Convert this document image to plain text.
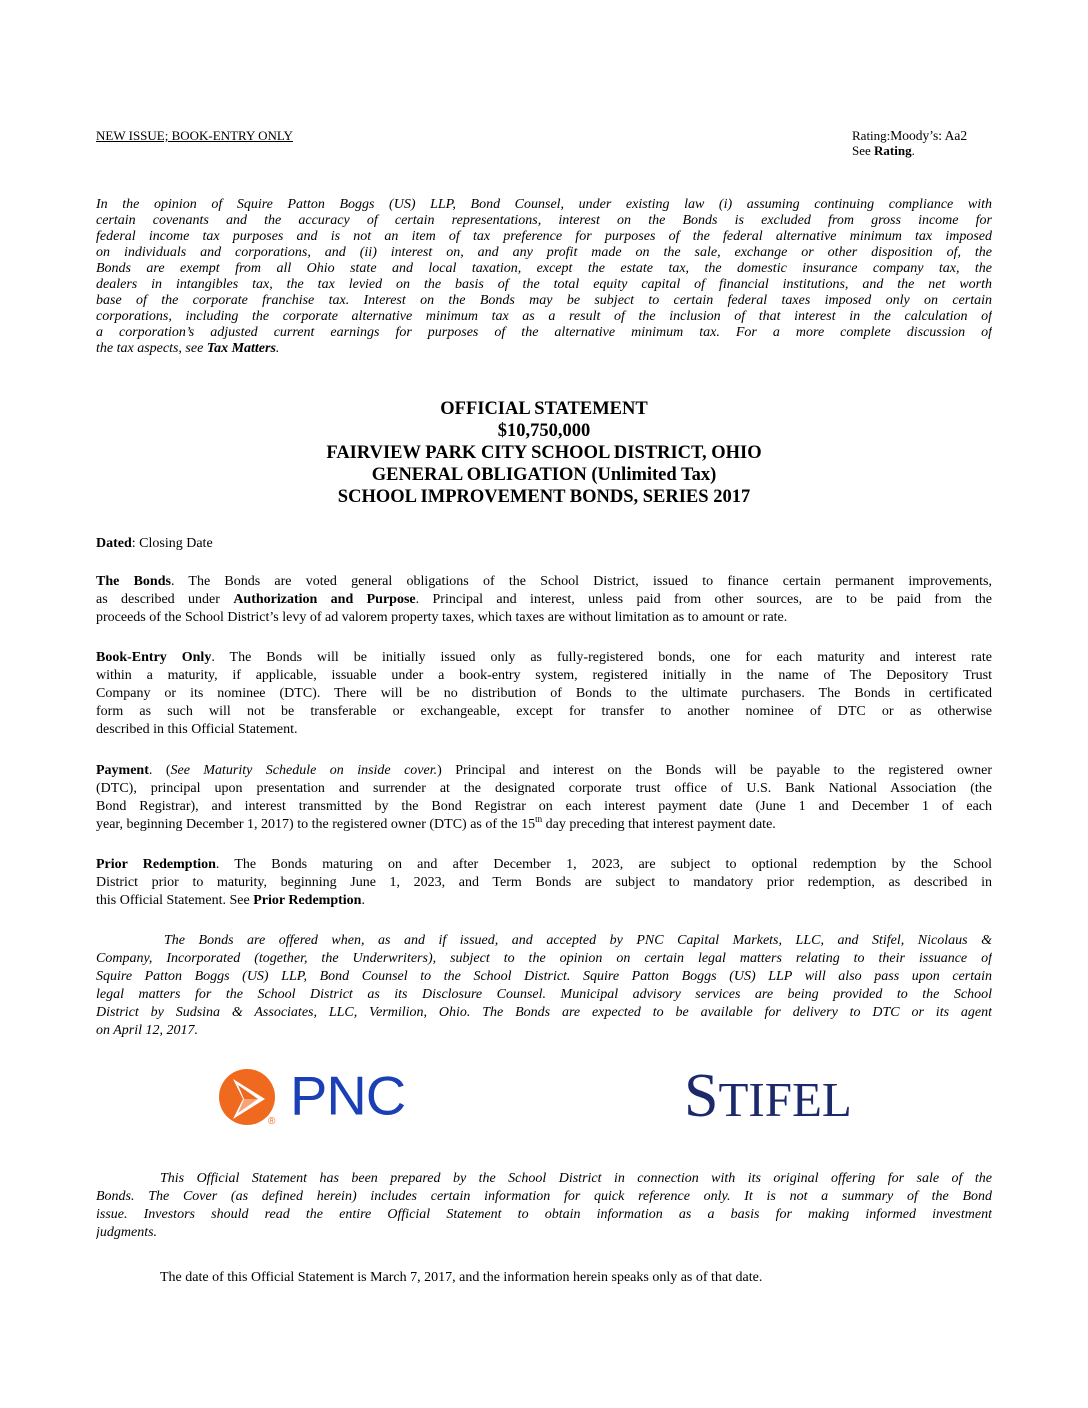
NEW ISSUE; BOOK-ENTRY ONLY	Rating:Moody’s: Aa2
See Rating.
In the opinion of Squire Patton Boggs (US) LLP, Bond Counsel, under existing law (i) assuming continuing compliance with
certain covenants and the accuracy of certain representations, interest on the Bonds is excluded from gross income for
federal income tax purposes and is not an item of tax preference for purposes of the federal alternative minimum tax imposed
on individuals and corporations, and (ii) interest on, and any profit made on the sale, exchange or other disposition of, the
Bonds are exempt from all Ohio state and local taxation, except the estate tax, the domestic insurance company tax, the
dealers in intangibles tax, the tax levied on the basis of the total equity capital of financial institutions, and the net worth
base of the corporate franchise tax. Interest on the Bonds may be subject to certain federal taxes imposed only on certain
corporations, including the corporate alternative minimum tax as a result of the inclusion of that interest in the calculation of
a corporation’s adjusted current earnings for purposes of the alternative minimum tax. For a more complete discussion of
the tax aspects, see Tax Matters.
OFFICIAL STATEMENT
$10,750,000
FAIRVIEW PARK CITY SCHOOL DISTRICT, OHIO
GENERAL OBLIGATION (Unlimited Tax)
SCHOOL IMPROVEMENT BONDS, SERIES 2017
Dated: Closing Date
The Bonds. The Bonds are voted general obligations of the School District, issued to finance certain permanent improvements,
as described under Authorization and Purpose. Principal and interest, unless paid from other sources, are to be paid from the
proceeds of the School District’s levy of ad valorem property taxes, which taxes are without limitation as to amount or rate.
Book-Entry Only. The Bonds will be initially issued only as fully-registered bonds, one for each maturity and interest rate
within a maturity, if applicable, issuable under a book-entry system, registered initially in the name of The Depository Trust
Company or its nominee (DTC). There will be no distribution of Bonds to the ultimate purchasers. The Bonds in certificated
form as such will not be transferable or exchangeable, except for transfer to another nominee of DTC or as otherwise
described in this Official Statement.
Payment. (See Maturity Schedule on inside cover.) Principal and interest on the Bonds will be payable to the registered owner
(DTC), principal upon presentation and surrender at the designated corporate trust office of U.S. Bank National Association (the
Bond Registrar), and interest transmitted by the Bond Registrar on each interest payment date (June 1 and December 1 of each
year, beginning December 1, 2017) to the registered owner (DTC) as of the 15th day preceding that interest payment date.
Prior Redemption. The Bonds maturing on and after December 1, 2023, are subject to optional redemption by the School
District prior to maturity, beginning June 1, 2023, and Term Bonds are subject to mandatory prior redemption, as described in
this Official Statement. See Prior Redemption.
The Bonds are offered when, as and if issued, and accepted by PNC Capital Markets, LLC, and Stifel, Nicolaus &
Company, Incorporated (together, the Underwriters), subject to the opinion on certain legal matters relating to their issuance of
Squire Patton Boggs (US) LLP, Bond Counsel to the School District. Squire Patton Boggs (US) LLP will also pass upon certain
legal matters for the School District as its Disclosure Counsel. Municipal advisory services are being provided to the School
District by Sudsina & Associates, LLC, Vermilion, Ohio. The Bonds are expected to be available for delivery to DTC or its agent
on April 12, 2017.
® PNC	STIFEL
This Official Statement has been prepared by the School District in connection with its original offering for sale of the
Bonds. The Cover (as defined herein) includes certain information for quick reference only. It is not a summary of the Bond
issue. Investors should read the entire Official Statement to obtain information as a basis for making informed investment
judgments.
The date of this Official Statement is March 7, 2017, and the information herein speaks only as of that date.
